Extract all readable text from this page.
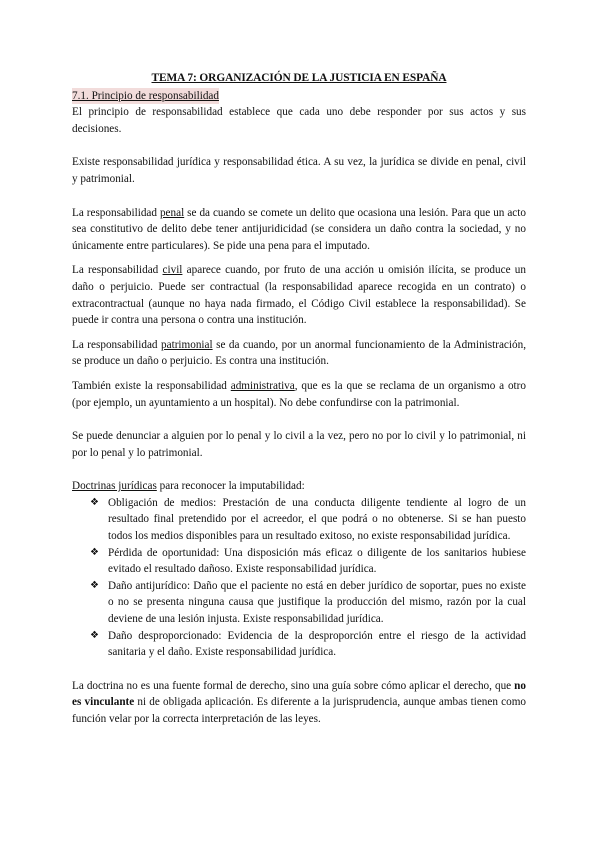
TEMA 7: ORGANIZACIÓN DE LA JUSTICIA EN ESPAÑA
7.1. Principio de responsabilidad

El principio de responsabilidad establece que cada uno debe responder por sus actos y sus decisiones.

Existe responsabilidad jurídica y responsabilidad ética. A su vez, la jurídica se divide en penal, civil y patrimonial.

La responsabilidad penal se da cuando se comete un delito que ocasiona una lesión. Para que un acto sea constitutivo de delito debe tener antijuridicidad (se considera un daño contra la sociedad, y no únicamente entre particulares). Se pide una pena para el imputado.

La responsabilidad civil aparece cuando, por fruto de una acción u omisión ilícita, se produce un daño o perjuicio. Puede ser contractual (la responsabilidad aparece recogida en un contrato) o extracontractual (aunque no haya nada firmado, el Código Civil establece la responsabilidad). Se puede ir contra una persona o contra una institución.

La responsabilidad patrimonial se da cuando, por un anormal funcionamiento de la Administración, se produce un daño o perjuicio. Es contra una institución.

También existe la responsabilidad administrativa, que es la que se reclama de un organismo a otro (por ejemplo, un ayuntamiento a un hospital). No debe confundirse con la patrimonial.

Se puede denunciar a alguien por lo penal y lo civil a la vez, pero no por lo civil y lo patrimonial, ni por lo penal y lo patrimonial.

Doctrinas jurídicas para reconocer la imputabilidad:

❖ Obligación de medios: Prestación de una conducta diligente tendiente al logro de un resultado final pretendido por el acreedor, el que podrá o no obtenerse. Si se han puesto todos los medios disponibles para un resultado exitoso, no existe responsabilidad jurídica.
❖ Pérdida de oportunidad: Una disposición más eficaz o diligente de los sanitarios hubiese evitado el resultado dañoso. Existe responsabilidad jurídica.
❖ Daño antijurídico: Daño que el paciente no está en deber jurídico de soportar, pues no existe o no se presenta ninguna causa que justifique la producción del mismo, razón por la cual deviene de una lesión injusta. Existe responsabilidad jurídica.
❖ Daño desproporcionado: Evidencia de la desproporción entre el riesgo de la actividad sanitaria y el daño. Existe responsabilidad jurídica.

La doctrina no es una fuente formal de derecho, sino una guía sobre cómo aplicar el derecho, que no es vinculante ni de obligada aplicación. Es diferente a la jurisprudencia, aunque ambas tienen como función velar por la correcta interpretación de las leyes.
